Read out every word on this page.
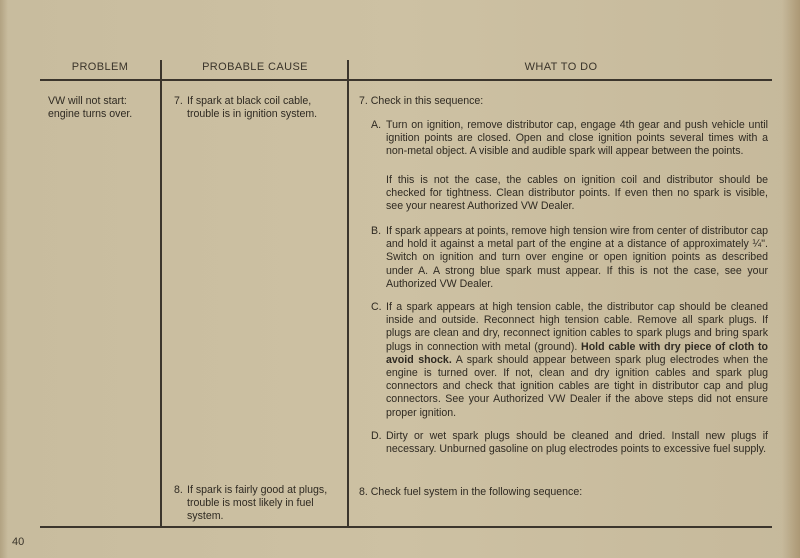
PROBLEM	PROBABLE CAUSE	WHAT TO DO
VW will not start: engine turns over.
7. If spark at black coil cable, trouble is in ignition system.
8. If spark is fairly good at plugs, trouble is most likely in fuel system.
7. Check in this sequence:
A. Turn on ignition, remove distributor cap, engage 4th gear and push vehicle until ignition points are closed. Open and close ignition points several times with a non-metal object. A visible and audible spark will appear between the points.
If this is not the case, the cables on ignition coil and distributor should be checked for tightness. Clean distributor points. If even then no spark is visible, see your nearest Authorized VW Dealer.
B. If spark appears at points, remove high tension wire from center of distributor cap and hold it against a metal part of the engine at a distance of approximately ¼". Switch on ignition and turn over engine or open ignition points as described under A. A strong blue spark must appear. If this is not the case, see your Authorized VW Dealer.
C. If a spark appears at high tension cable, the distributor cap should be cleaned inside and outside. Reconnect high tension cable. Remove all spark plugs. If plugs are clean and dry, reconnect ignition cables to spark plugs and bring spark plugs in connection with metal (ground). Hold cable with dry piece of cloth to avoid shock. A spark should appear between spark plug electrodes when the engine is turned over. If not, clean and dry ignition cables and spark plug connectors and check that ignition cables are tight in distributor cap and plug connectors. See your Authorized VW Dealer if the above steps did not ensure proper ignition.
D. Dirty or wet spark plugs should be cleaned and dried. Install new plugs if necessary. Unburned gasoline on plug electrodes points to excessive fuel supply.
8. Check fuel system in the following sequence:
40
